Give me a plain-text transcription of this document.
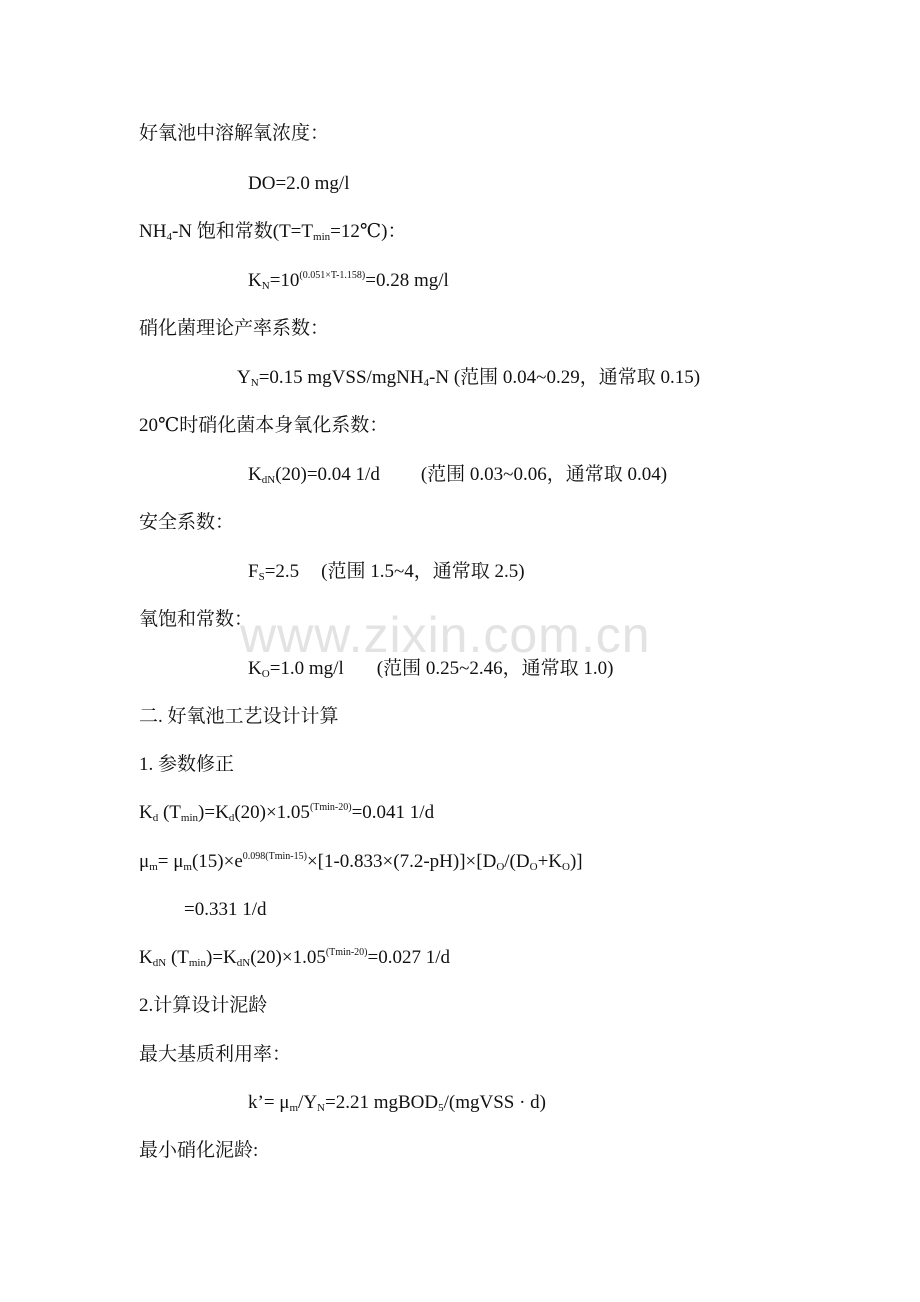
www.zixin.com.cn
好氧池中溶解氧浓度：
DO=2.0 mg/l
$NH_4-N$ 饱和常数$(T=T_{min}=12℃)$：
$K_N=10^{(0.051\times T-1.158)}=0.28$ mg/l
硝化菌理论产率系数：
$Y_N=0.15$ mgVSS/mgNH$_4$-N (范围 0.04~0.29，通常取 0.15)
20℃时硝化菌本身氧化系数：
$K_{dN}(20)=0.04$ 1/d (范围 0.03~0.06，通常取 0.04)
安全系数：
$F_S=2.5$ (范围 1.5~4，通常取 2.5)
氧饱和常数：
$K_O=1.0$ mg/l (范围 0.25~2.46，通常取 1.0)
二. 好氧池工艺设计计算
1. 参数修正
$K_d$ $(T_{min})=K_d(20)\times 1.05^{(Tmin-20)}=0.041$ 1/d
$\mu_m= \mu_m(15)\times e^{0.098(Tmin-15)}\times[1-0.833\times(7.2-pH)]\times[D_O/(D_O+K_O)]$
=0.331 1/d
$K_{dN}$ $(T_{min})=K_{dN}(20)\times 1.05^{(Tmin-20)}=0.027$ 1/d
2.计算设计泥龄
最大基质利用率：
k’= $\mu_m/Y_N=2.21$ mgBOD$_5$/(mgVSS · d)
最小硝化泥龄:
